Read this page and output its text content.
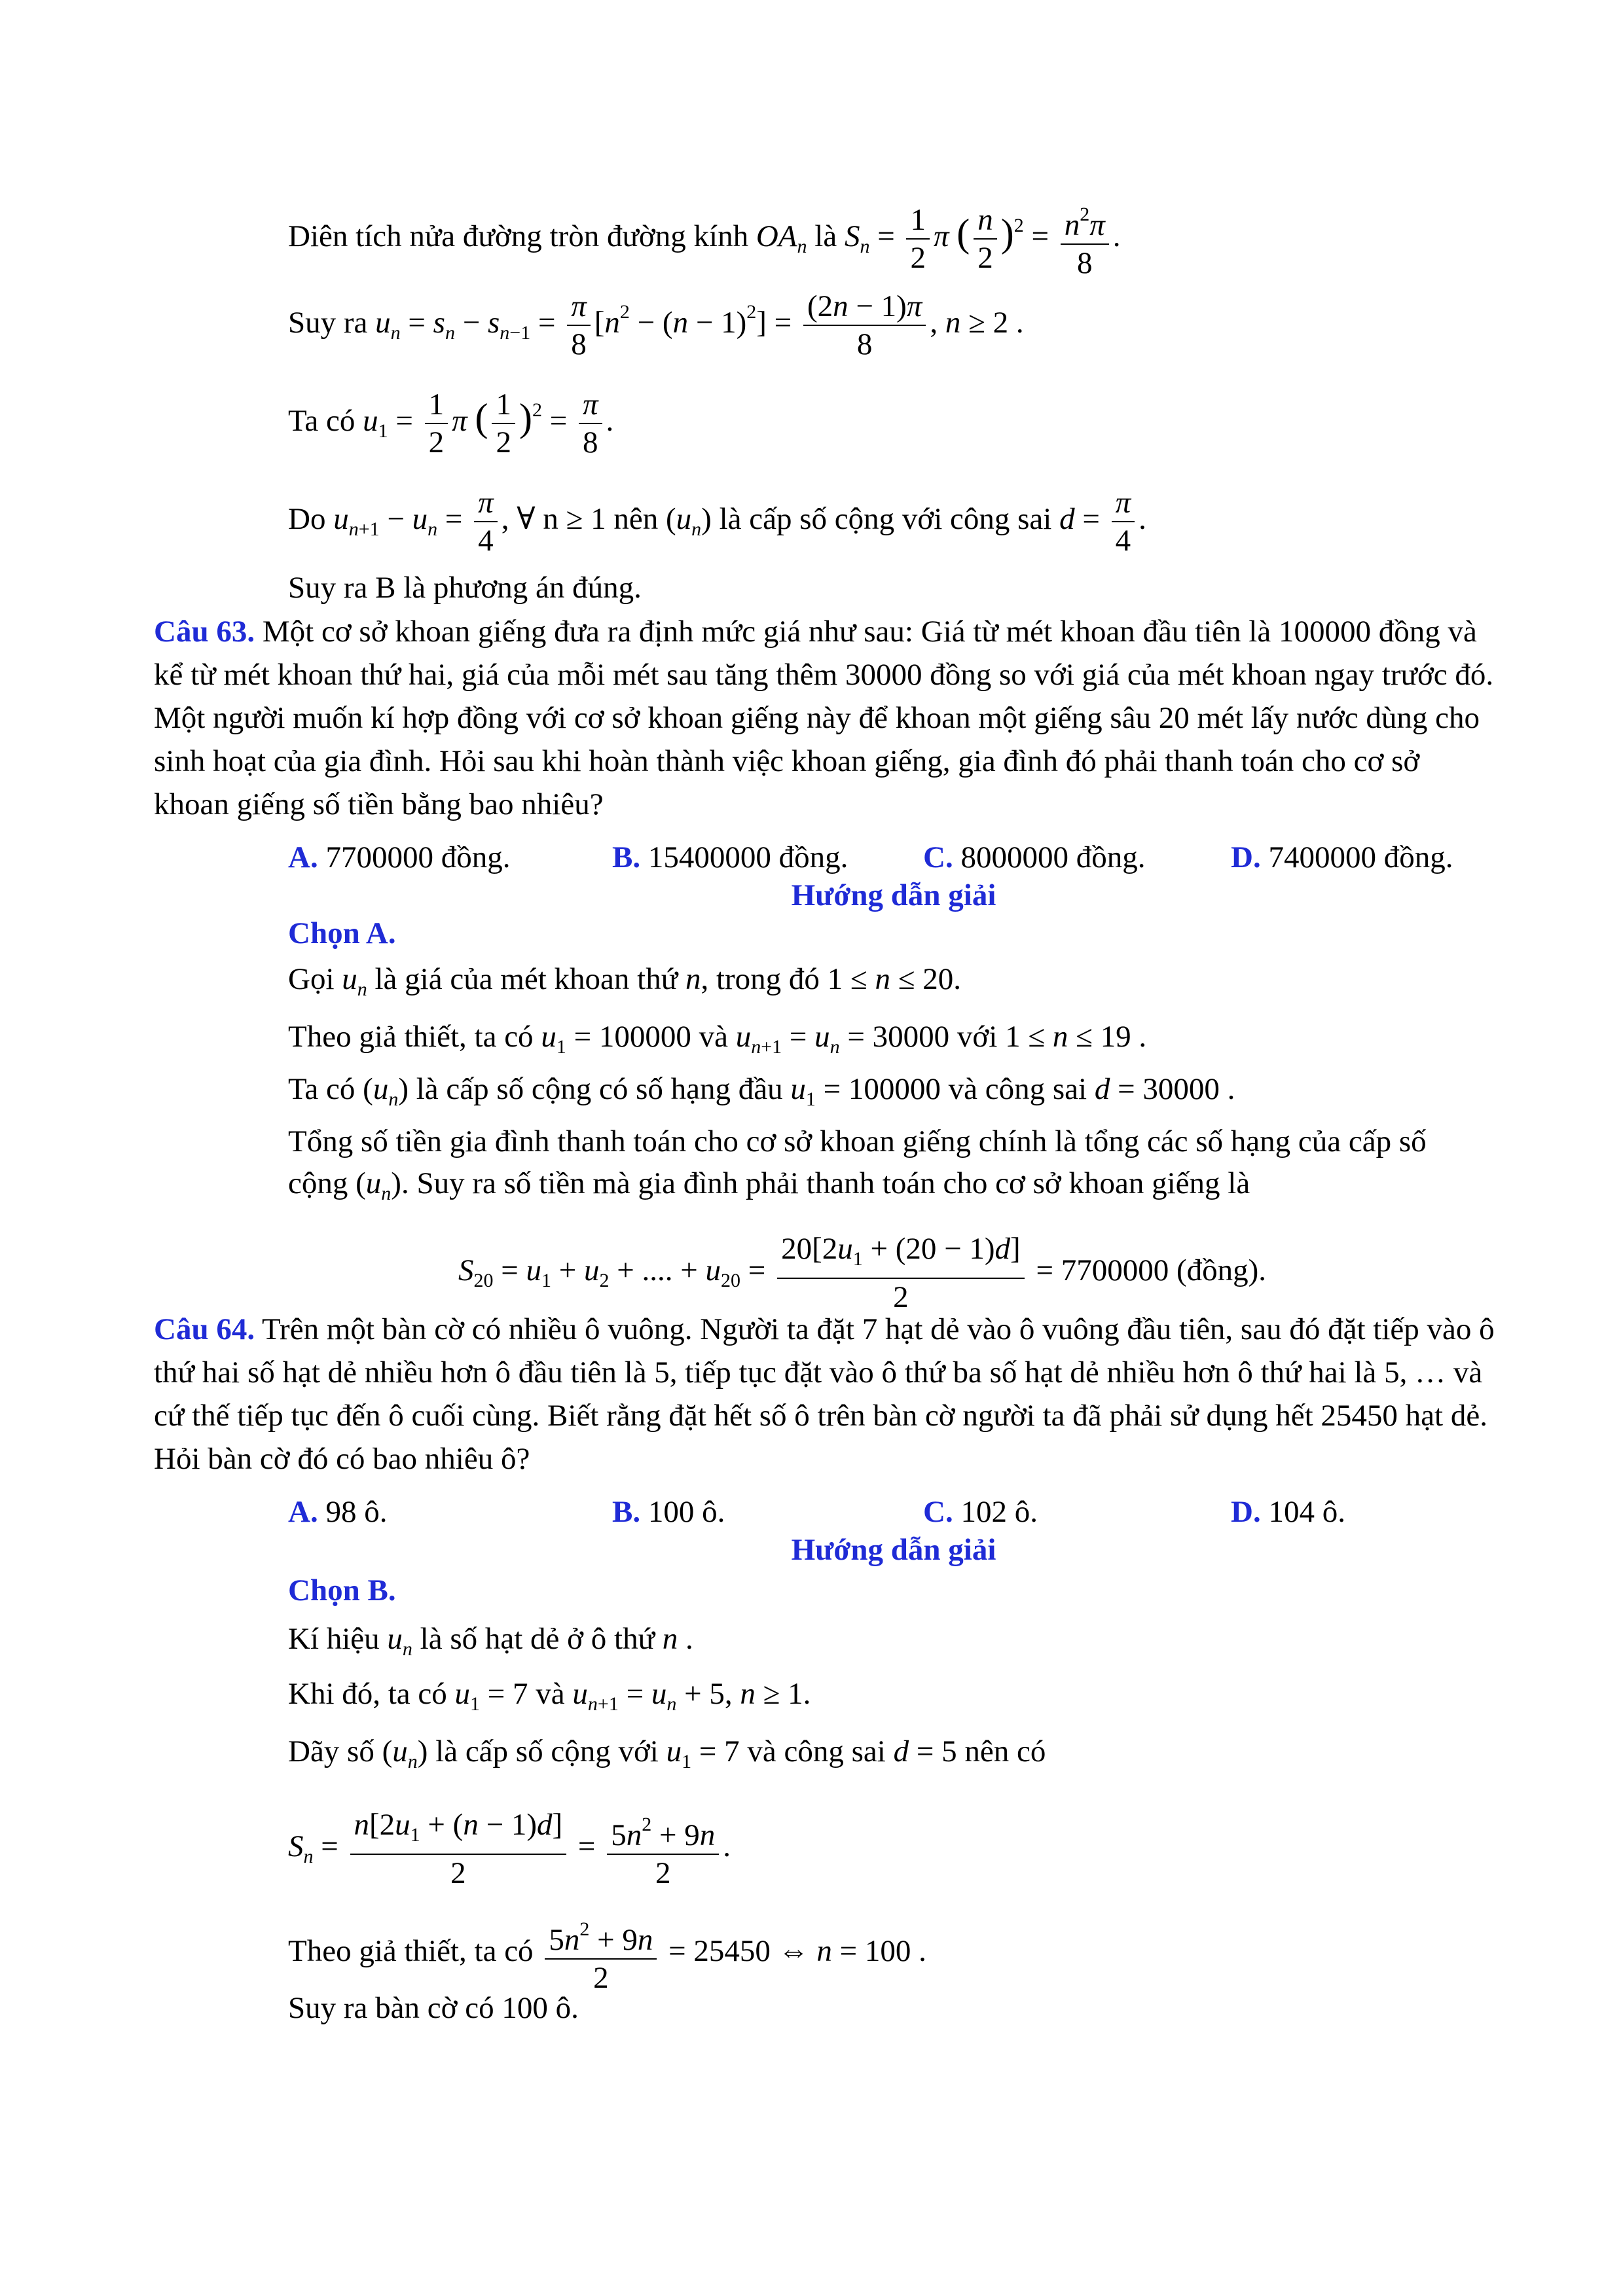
Diên tích nửa đường tròn đường kính $OA_n$ là $S_n = \frac{1}{2}$ π ( $\frac{n}{2} )^2 = \frac{n^2\pi}{8}$ .
Suy ra $u_n = s_n - s_{n-1} = \frac{\pi}{8} [n^2 - (n - 1)^2] = \frac{(2n - 1)\pi}{8}$ , n ≥ 2 .
Ta có $u_1 = \frac{1}{2}$ π ( $\frac{1}{2} )^2 = \frac{\pi}{8}$ .
Do $u_{n+1} - u_n = \frac{\pi}{4}$ , ∀ n ≥ 1 nên $(u_n)$ là cấp số cộng với công sai $d = \frac{\pi}{4}$ .
Suy ra B là phương án đúng.
Câu 63. Một cơ sở khoan giếng đưa ra định mức giá như sau: Giá từ mét khoan đầu tiên là 100000 đồng và kể từ mét khoan thứ hai, giá của mỗi mét sau tăng thêm 30000 đồng so với giá của mét khoan ngay trước đó. Một người muốn kí hợp đồng với cơ sở khoan giếng này để khoan một giếng sâu 20 mét lấy nước dùng cho sinh hoạt của gia đình. Hỏi sau khi hoàn thành việc khoan giếng, gia đình đó phải thanh toán cho cơ sở khoan giếng số tiền bằng bao nhiêu?
A. 7700000 đồng.	B. 15400000 đồng. C. 8000000 đồng.	D. 7400000 đồng.
Hướng dẫn giải
Chọn A.
Gọi $u_n$ là giá của mét khoan thứ n, trong đó 1 ≤ n ≤ 20.
Theo giả thiết, ta có $u_1 = 100000$ và $u_{n+1} = u_n = 30000$ với 1 ≤ n ≤ 19 .
Ta có $(u_n)$ là cấp số cộng có số hạng đầu $u_1 = 100000$ và công sai d = 30000 .
Tổng số tiền gia đình thanh toán cho cơ sở khoan giếng chính là tổng các số hạng của cấp số
cộng $(u_n)$. Suy ra số tiền mà gia đình phải thanh toán cho cơ sở khoan giếng là
$S_{20} = u_1 + u_2$ + .... + $u_{20} = \frac{20[2u_1 + (20 - 1)d]}{2} = 7700000$ (đồng).
Câu 64. Trên một bàn cờ có nhiều ô vuông. Người ta đặt 7 hạt dẻ vào ô vuông đầu tiên, sau đó đặt tiếp vào ô thứ hai số hạt dẻ nhiều hơn ô đầu tiên là 5, tiếp tục đặt vào ô thứ ba số hạt dẻ nhiều hơn ô thứ hai là 5, … và cứ thế tiếp tục đến ô cuối cùng. Biết rằng đặt hết số ô trên bàn cờ người ta đã phải sử dụng hết 25450 hạt dẻ. Hỏi bàn cờ đó có bao nhiêu ô?
A. 98 ô.	B. 100 ô.	C. 102 ô.	D. 104 ô.
Hướng dẫn giải
Chọn B.
Kí hiệu $u_n$ là số hạt dẻ ở ô thứ n .
Khi đó, ta có $u_1 = 7$ và $u_{n+1} = u_n + 5$, n ≥ 1.
Dãy số $(u_n)$ là cấp số cộng với $u_1 = 7$ và công sai d = 5 nên có
$S_n = \frac{n[2u_1 + (n - 1)d]}{2} = \frac{5n^2 + 9n}{2}$ .
Theo giả thiết, ta có $\frac{5n^2 + 9n}{2} = 25450$ ⇔ n = 100 .
Suy ra bàn cờ có 100 ô.
